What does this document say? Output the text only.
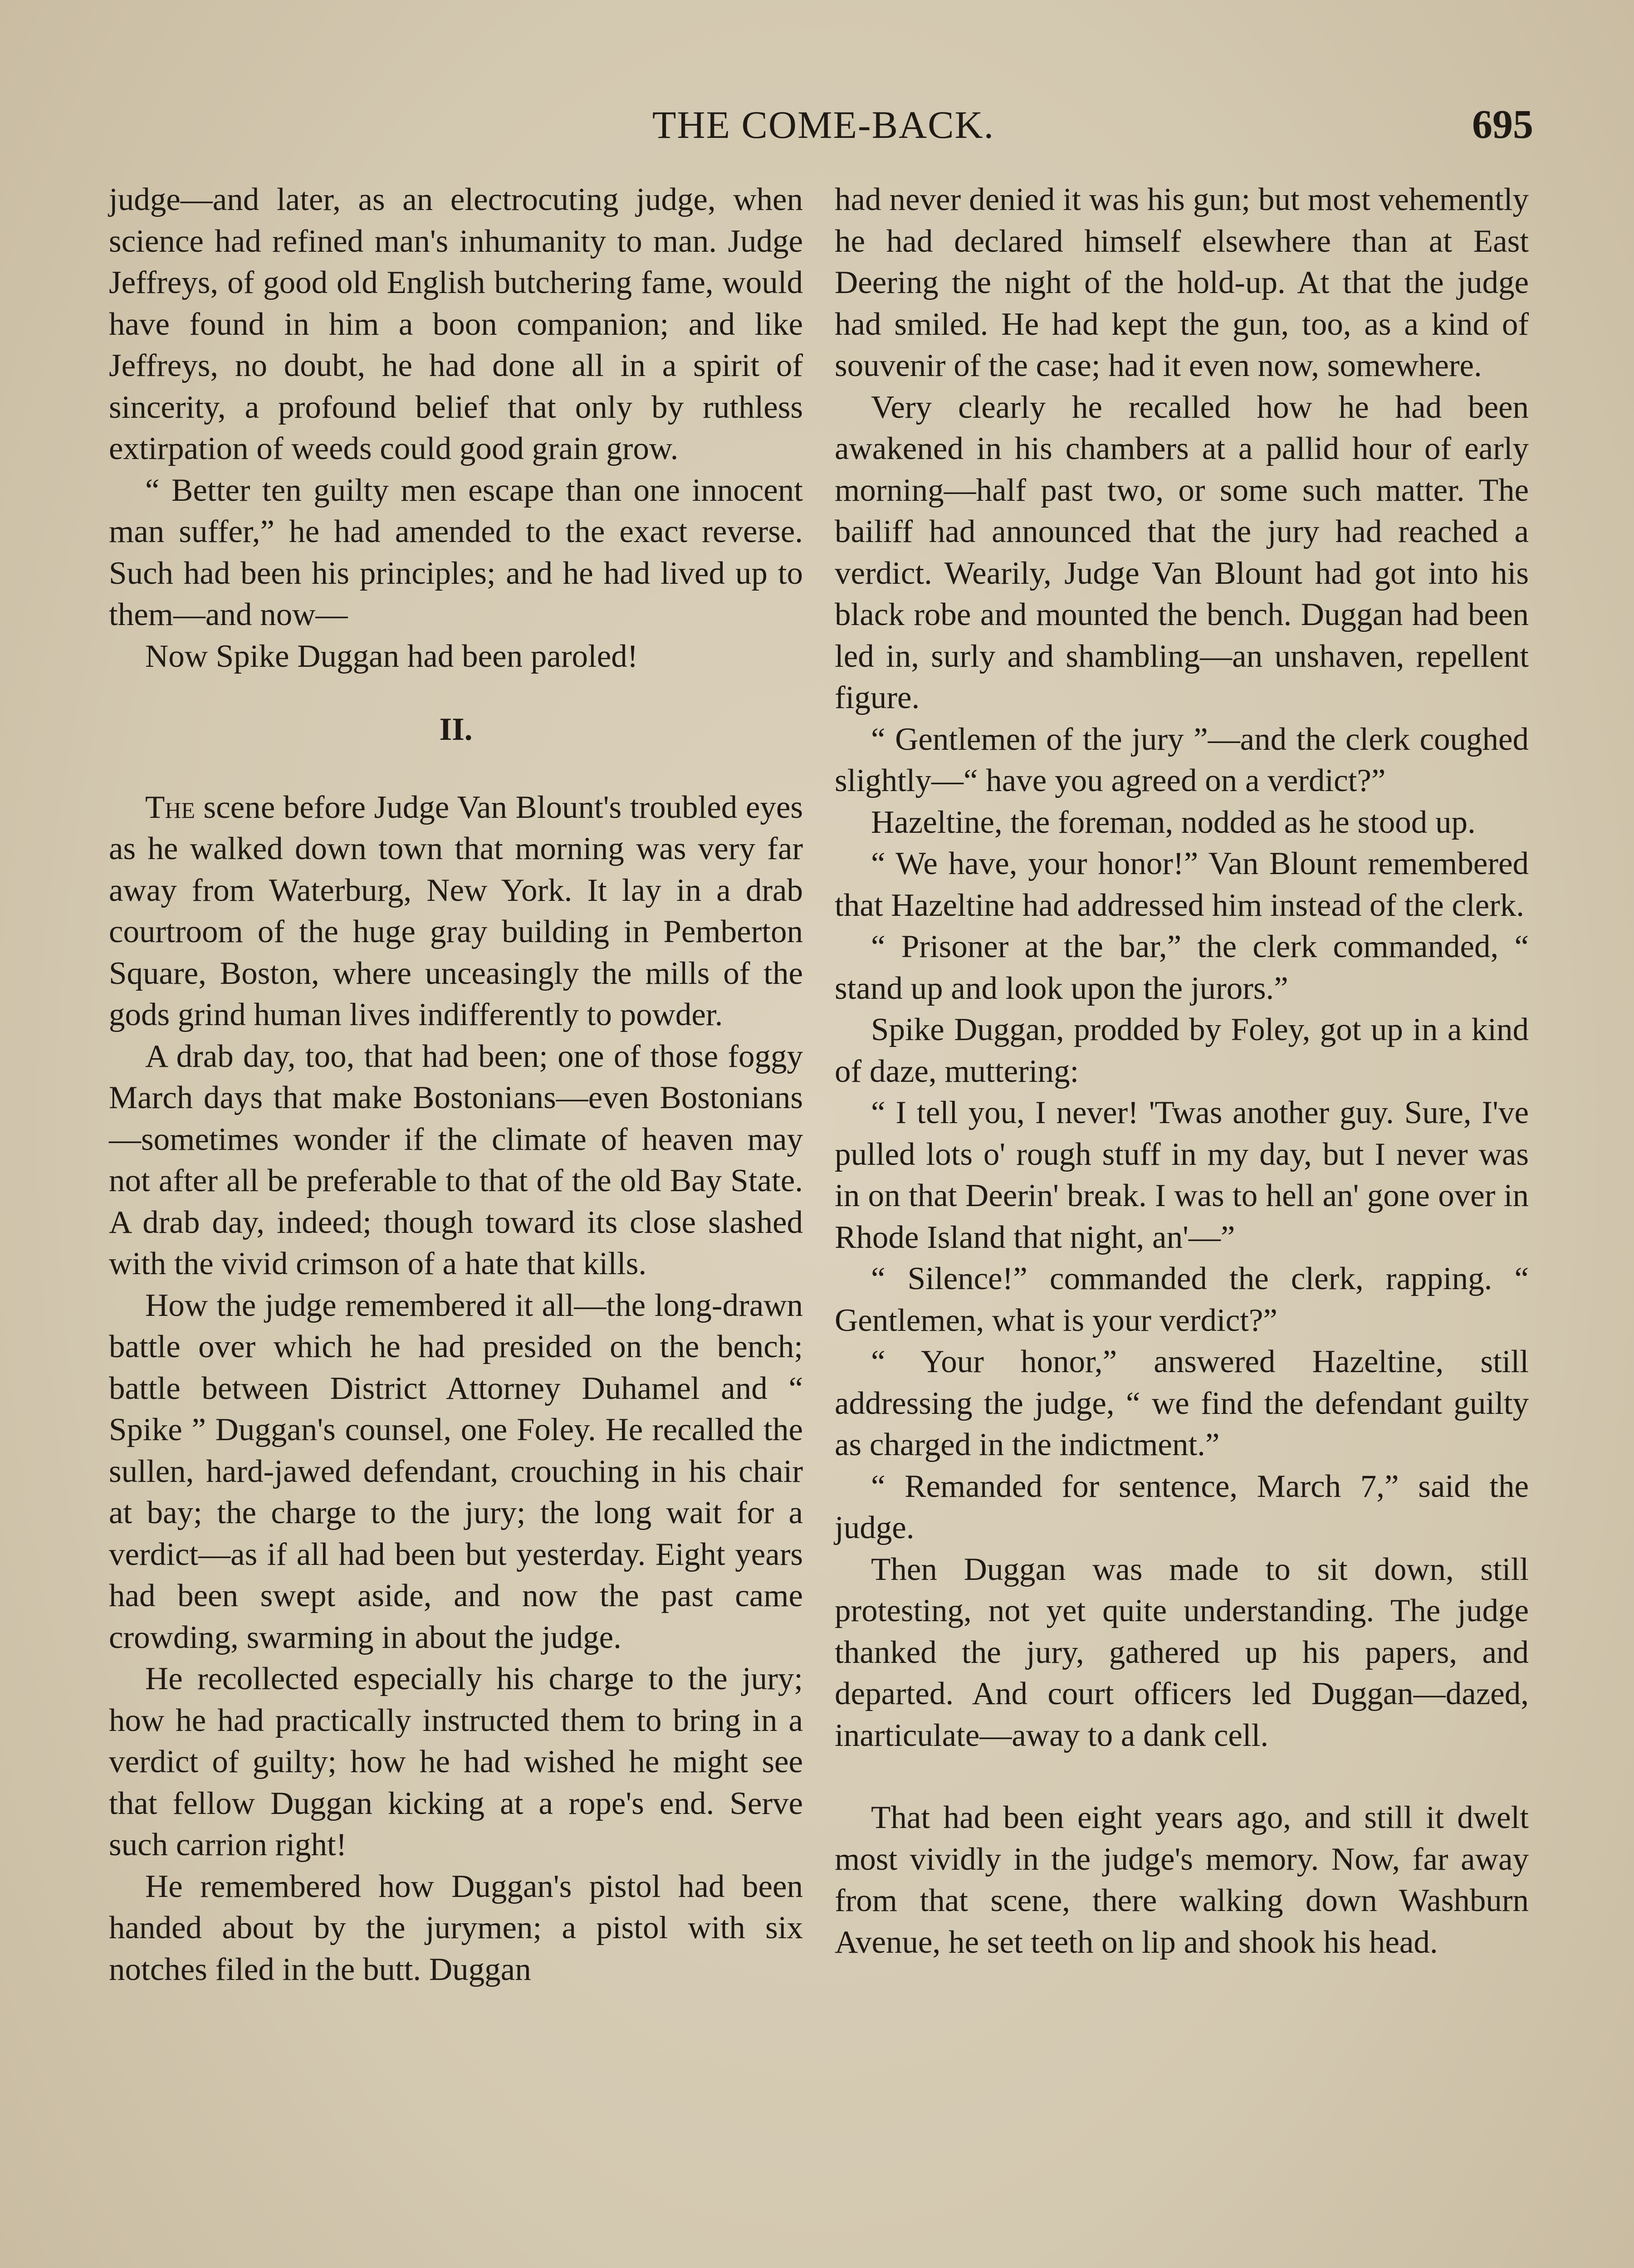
THE COME-BACK.	695

judge—and later, as an electrocuting judge, when science had refined man's inhumanity to man. Judge Jeffreys, of good old English butchering fame, would have found in him a boon companion; and like Jeffreys, no doubt, he had done all in a spirit of sincerity, a profound belief that only by ruthless extirpation of weeds could good grain grow.

“ Better ten guilty men escape than one innocent man suffer,” he had amended to the exact reverse. Such had been his principles; and he had lived up to them—and now—

Now Spike Duggan had been paroled!

II.

The scene before Judge Van Blount's troubled eyes as he walked down town that morning was very far away from Waterburg, New York. It lay in a drab courtroom of the huge gray building in Pemberton Square, Boston, where unceasingly the mills of the gods grind human lives indifferently to powder.

A drab day, too, that had been; one of those foggy March days that make Bostonians—even Bostonians—sometimes wonder if the climate of heaven may not after all be preferable to that of the old Bay State. A drab day, indeed; though toward its close slashed with the vivid crimson of a hate that kills.

How the judge remembered it all—the long-drawn battle over which he had presided on the bench; battle between District Attorney Duhamel and “ Spike ” Duggan's counsel, one Foley. He recalled the sullen, hard-jawed defendant, crouching in his chair at bay; the charge to the jury; the long wait for a verdict—as if all had been but yesterday. Eight years had been swept aside, and now the past came crowding, swarming in about the judge.

He recollected especially his charge to the jury; how he had practically instructed them to bring in a verdict of guilty; how he had wished he might see that fellow Duggan kicking at a rope's end. Serve such carrion right!

He remembered how Duggan's pistol had been handed about by the jurymen; a pistol with six notches filed in the butt. Duggan

had never denied it was his gun; but most vehemently he had declared himself elsewhere than at East Deering the night of the hold-up. At that the judge had smiled. He had kept the gun, too, as a kind of souvenir of the case; had it even now, somewhere.

Very clearly he recalled how he had been awakened in his chambers at a pallid hour of early morning—half past two, or some such matter. The bailiff had announced that the jury had reached a verdict. Wearily, Judge Van Blount had got into his black robe and mounted the bench. Duggan had been led in, surly and shambling—an unshaven, repellent figure.

“ Gentlemen of the jury ”—and the clerk coughed slightly—“ have you agreed on a verdict?”

Hazeltine, the foreman, nodded as he stood up.

“ We have, your honor!” Van Blount remembered that Hazeltine had addressed him instead of the clerk.

“ Prisoner at the bar,” the clerk commanded, “ stand up and look upon the jurors.”

Spike Duggan, prodded by Foley, got up in a kind of daze, muttering:

“ I tell you, I never! 'Twas another guy. Sure, I've pulled lots o' rough stuff in my day, but I never was in on that Deerin' break. I was to hell an' gone over in Rhode Island that night, an'—”

“ Silence!” commanded the clerk, rapping. “ Gentlemen, what is your verdict?”

“ Your honor,” answered Hazeltine, still addressing the judge, “ we find the defendant guilty as charged in the indictment.”

“ Remanded for sentence, March 7,” said the judge.

Then Duggan was made to sit down, still protesting, not yet quite understanding. The judge thanked the jury, gathered up his papers, and departed. And court officers led Duggan—dazed, inarticulate—away to a dank cell.

That had been eight years ago, and still it dwelt most vividly in the judge's memory. Now, far away from that scene, there walking down Washburn Avenue, he set teeth on lip and shook his head.
